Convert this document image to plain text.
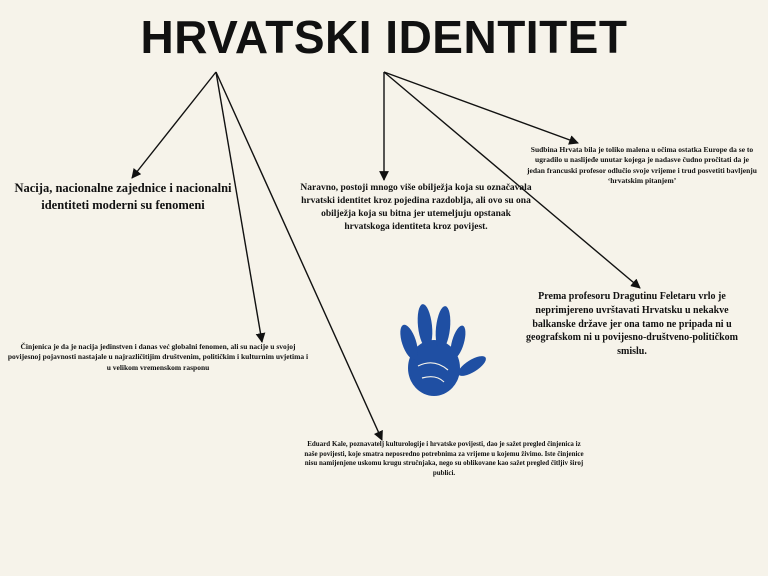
HRVATSKI IDENTITET
Nacija, nacionalne zajednice i nacionalni identiteti moderni su fenomeni
Naravno, postoji mnogo više obilježja koja su označavala hrvatski identitet kroz pojedina razdoblja, ali ovo su ona obilježja koja su bitna jer utemeljuju opstanak hrvatskoga identiteta kroz povijest.
Sudbina Hrvata bila je toliko malena u očima ostatka Europe da se to ugradilo u naslijeđe unutar kojega je nadasve čudno pročitati da je jedan francuski profesor odlučio svoje vrijeme i trud posvetiti bavljenju ‘hrvatskim pitanjem’
Prema profesoru Dragutinu Feletaru vrlo je neprimjereno uvrštavati Hrvatsku u nekakve balkanske države jer ona tamo ne pripada ni u geografskom ni u povijesno-društveno-političkom smislu.
Činjenica je da je nacija jedinstven i danas već globalni fenomen, ali su nacije u svojoj povijesnoj pojavnosti nastajale u najrazličitijim društvenim, političkim i kulturnim uvjetima i u velikom vremenskom rasponu
Eduard Kale, poznavatelj kulturologije i hrvatske povijesti, dao je sažet pregled činjenica iz naše povijesti, koje smatra neposredno potrebnima za vrijeme u kojemu živimo. Iste činjenice nisu namijenjene uskomu krugu stručnjaka, nego su oblikovane kao sažet pregled čitljiv široj publici.
